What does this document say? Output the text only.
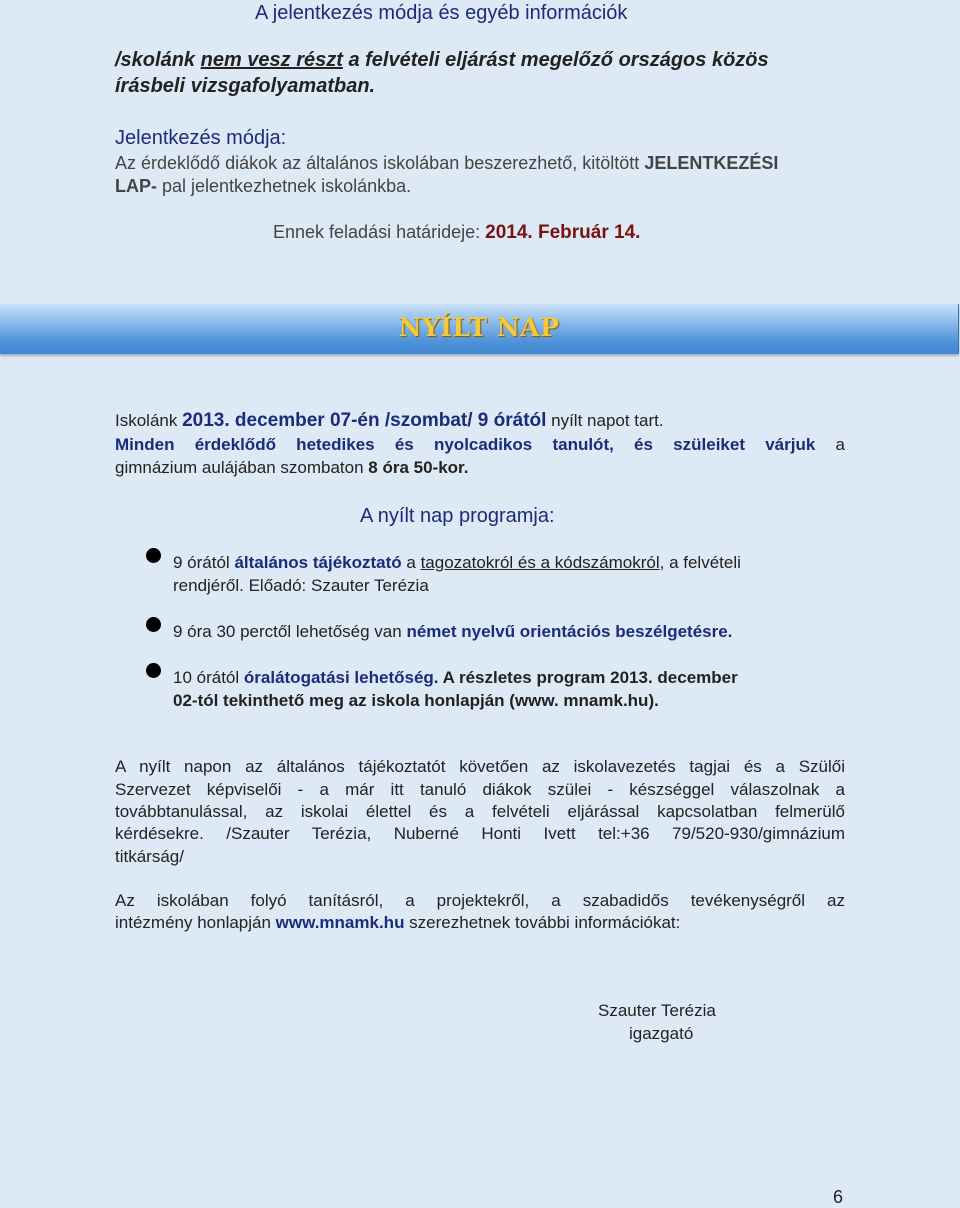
A jelentkezés módja és egyéb információk
/skolánk nem vesz részt a felvételi eljárást megelőző országos közös
írásbeli vizsgafolyamatban.
Jelentkezés módja:
Az érdeklődő diákok az általános iskolában beszerezhető, kitöltött JELENTKEZÉSI
LAP- pal jelentkezhetnek iskolánkba.
Ennek feladási határideje: 2014. Február 14.
NYÍLT NAP
Iskolánk 2013. december 07-én /szombat/ 9 órától nyílt napot tart.
Minden érdeklődő hetedikes és nyolcadikos tanulót, és szüleiket várjuk a
gimnázium aulájában szombaton 8 óra 50-kor.
A nyílt nap programja:
9 órától általános tájékoztató a tagozatokról és a kódszámokról, a felvételi
rendjéről. Előadó: Szauter Terézia
9 óra 30 perctől lehetőség van német nyelvű orientációs beszélgetésre.
10 órától óralátogatási lehetőség. A részletes program 2013. december
02-tól tekinthető meg az iskola honlapján (www. mnamk.hu).
A nyílt napon az általános tájékoztatót követően az iskolavezetés tagjai és a Szülői
Szervezet képviselői - a már itt tanuló diákok szülei - készséggel válaszolnak a
továbbtanulással, az iskolai élettel és a felvételi eljárással kapcsolatban felmerülő
kérdésekre. /Szauter Terézia, Nuberné Honti Ivett tel:+36 79/520-930/gimnázium
titkárság/
Az iskolában folyó tanításról, a projektekről, a szabadidős tevékenységről az
intézmény honlapján www.mnamk.hu szerezhetnek további információkat:
Szauter Terézia
igazgató
6
